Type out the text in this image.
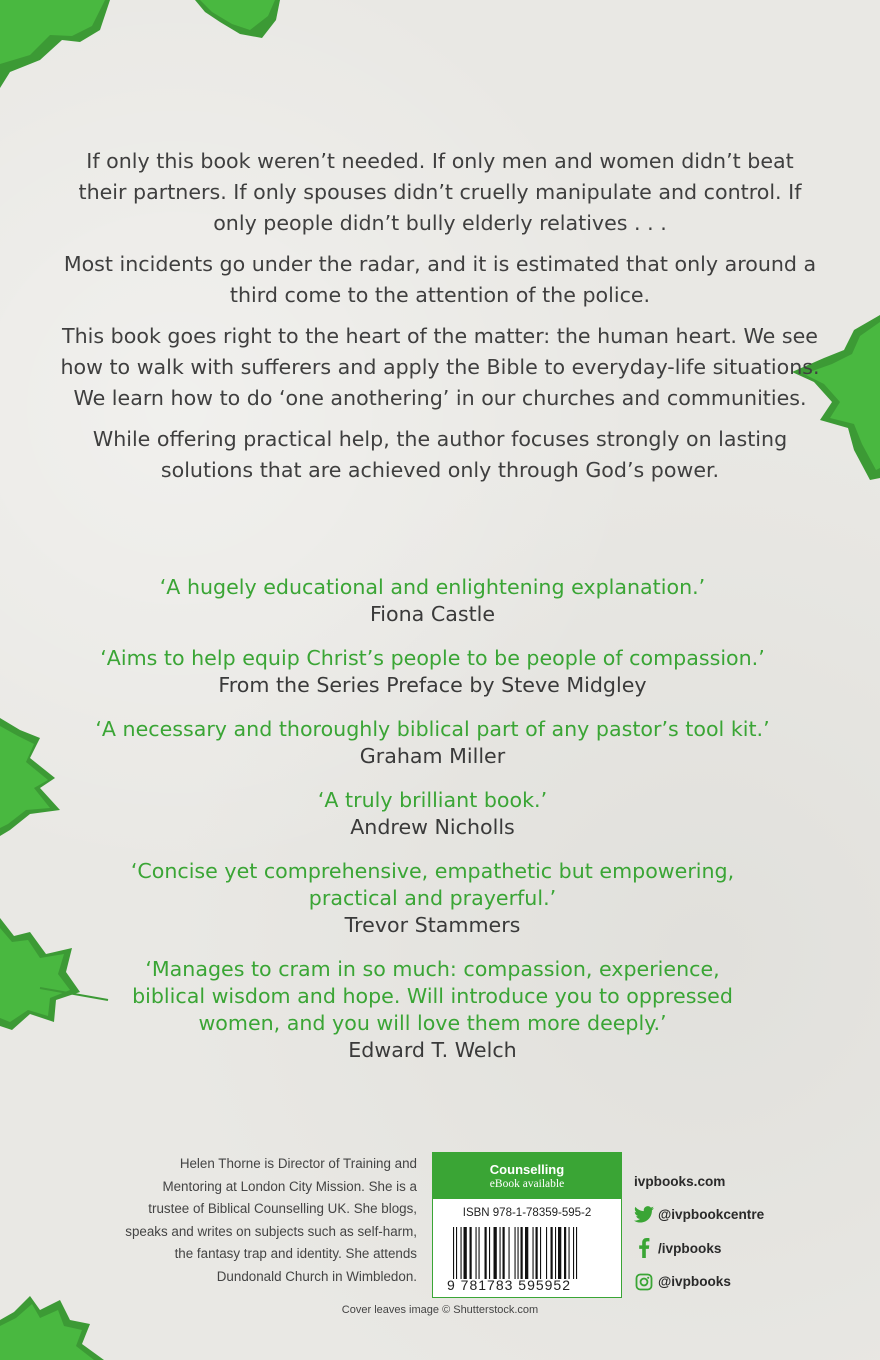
If only this book weren’t needed. If only men and women didn’t beat their partners. If only spouses didn’t cruelly manipulate and control. If only people didn’t bully elderly relatives . . .

Most incidents go under the radar, and it is estimated that only around a third come to the attention of the police.

This book goes right to the heart of the matter: the human heart. We see how to walk with sufferers and apply the Bible to everyday-life situations. We learn how to do ‘one anothering’ in our churches and communities.

While offering practical help, the author focuses strongly on lasting solutions that are achieved only through God’s power.

‘A hugely educational and enlightening explanation.’
Fiona Castle
‘Aims to help equip Christ’s people to be people of compassion.’
From the Series Preface by Steve Midgley
‘A necessary and thoroughly biblical part of any pastor’s tool kit.’
Graham Miller
‘A truly brilliant book.’
Andrew Nicholls
‘Concise yet comprehensive, empathetic but empowering, practical and prayerful.’
Trevor Stammers
‘Manages to cram in so much: compassion, experience, biblical wisdom and hope. Will introduce you to oppressed women, and you will love them more deeply.’
Edward T. Welch
Helen Thorne is Director of Training and Mentoring at London City Mission. She is a trustee of Biblical Counselling UK. She blogs, speaks and writes on subjects such as self-harm, the fantasy trap and identity. She attends Dundonald Church in Wimbledon.
Counselling
eBook available
ISBN 978-1-78359-595-2
9 781783 595952
ivpbooks.com
@ivpbookcentre
/ivpbooks
@ivpbooks
Cover leaves image © Shutterstock.com
